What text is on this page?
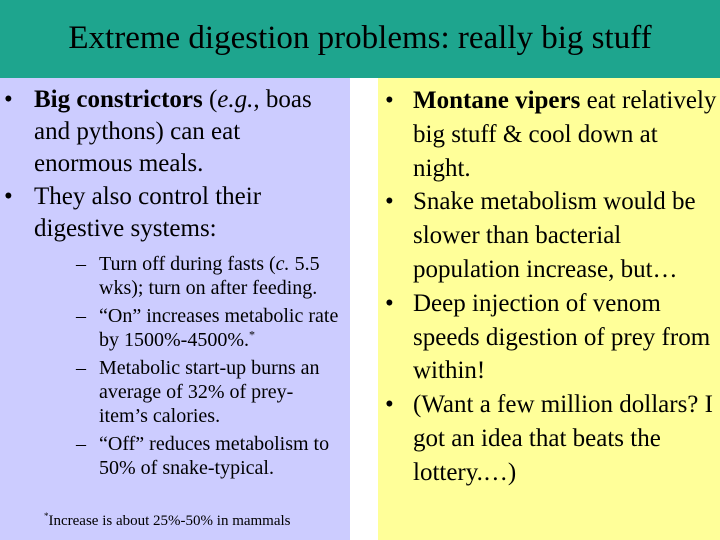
Extreme digestion problems: really big stuff
• Big constrictors (e.g., boas and pythons) can eat enormous meals.
• They also control their digestive systems:
– Turn off during fasts (c. 5.5 wks); turn on after feeding.
– “On” increases metabolic rate by 1500%-4500%.*
– Metabolic start-up burns an average of 32% of prey-item’s calories.
– “Off” reduces metabolism to 50% of snake-typical.
*Increase is about 25%-50% in mammals
• Montane vipers eat relatively big stuff & cool down at night.
• Snake metabolism would be slower than bacterial population increase, but…
• Deep injection of venom speeds digestion of prey from within!
• (Want a few million dollars? I got an idea that beats the lottery.…)
